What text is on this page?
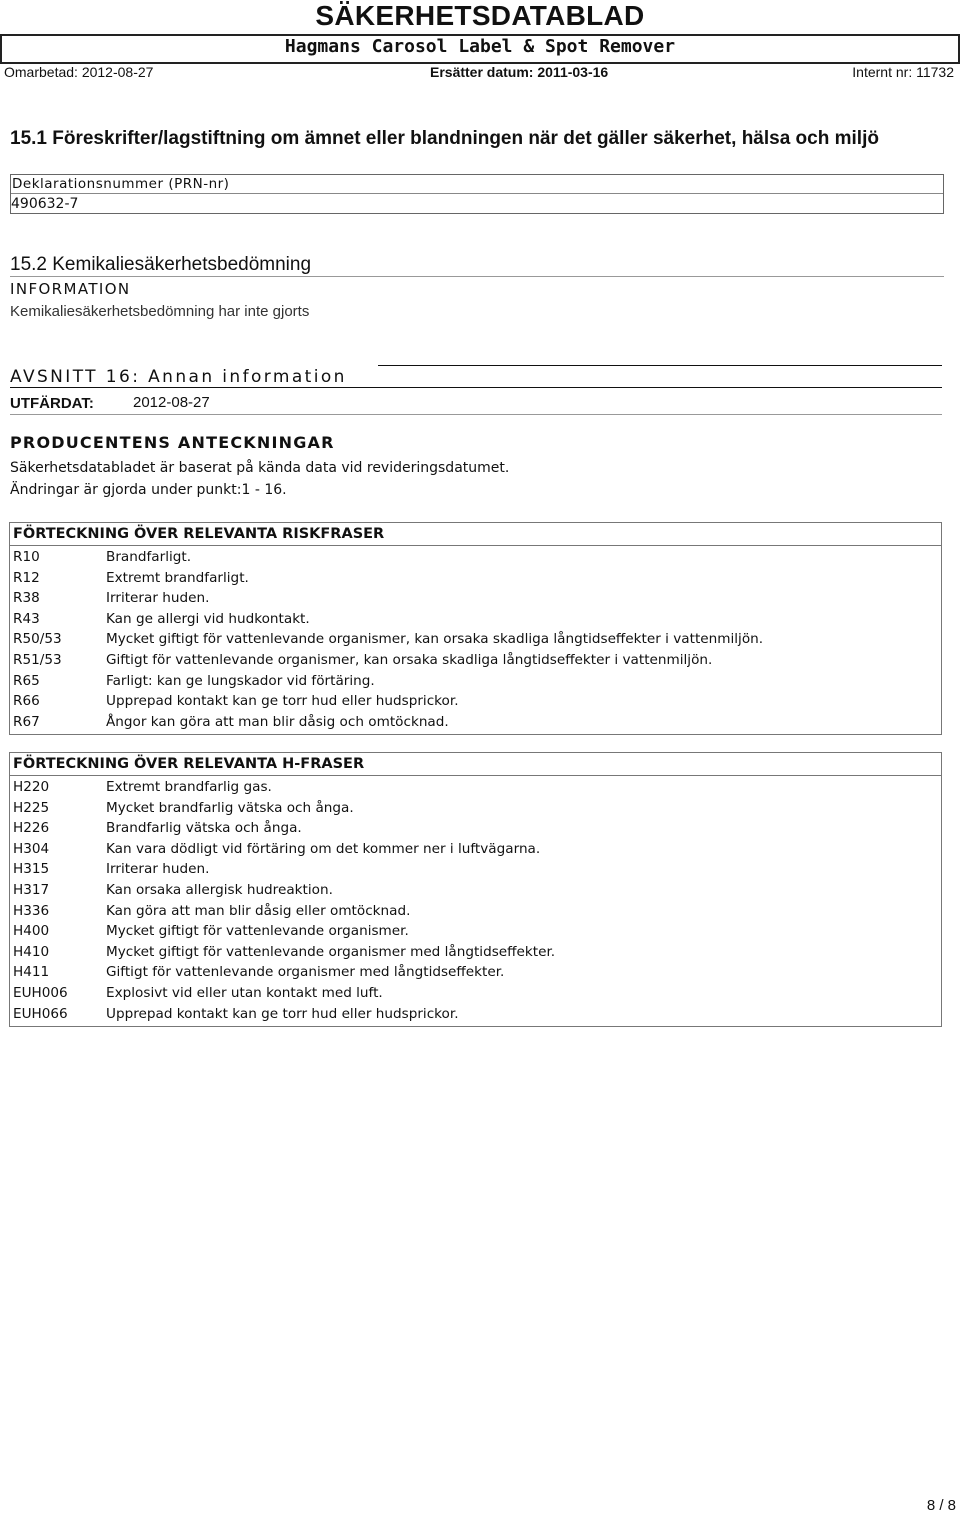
SÄKERHETSDATABLAD
Hagmans Carosol Label & Spot Remover
Omarbetad: 2012-08-27	Ersätter datum: 2011-03-16	Internt nr: 11732
15.1 Föreskrifter/lagstiftning om ämnet eller blandningen när det gäller säkerhet, hälsa och miljö
Deklarationsnummer (PRN-nr)
490632-7
15.2 Kemikaliesäkerhetsbedömning
INFORMATION
Kemikaliesäkerhetsbedömning har inte gjorts
AVSNITT 16: Annan information
UTFÄRDAT:	2012-08-27
PRODUCENTENS ANTECKNINGAR
Säkerhetsdatabladet är baserat på kända data vid revideringsdatumet.
Ändringar är gjorda under punkt:1 - 16.
FÖRTECKNING ÖVER RELEVANTA RISKFRASER
R10	Brandfarligt.
R12	Extremt brandfarligt.
R38	Irriterar huden.
R43	Kan ge allergi vid hudkontakt.
R50/53	Mycket giftigt för vattenlevande organismer, kan orsaka skadliga långtidseffekter i vattenmiljön.
R51/53	Giftigt för vattenlevande organismer, kan orsaka skadliga långtidseffekter i vattenmiljön.
R65	Farligt: kan ge lungskador vid förtäring.
R66	Upprepad kontakt kan ge torr hud eller hudsprickor.
R67	Ångor kan göra att man blir dåsig och omtöcknad.
FÖRTECKNING ÖVER RELEVANTA H-FRASER
H220	Extremt brandfarlig gas.
H225	Mycket brandfarlig vätska och ånga.
H226	Brandfarlig vätska och ånga.
H304	Kan vara dödligt vid förtäring om det kommer ner i luftvägarna.
H315	Irriterar huden.
H317	Kan orsaka allergisk hudreaktion.
H336	Kan göra att man blir dåsig eller omtöcknad.
H400	Mycket giftigt för vattenlevande organismer.
H410	Mycket giftigt för vattenlevande organismer med långtidseffekter.
H411	Giftigt för vattenlevande organismer med långtidseffekter.
EUH006	Explosivt vid eller utan kontakt med luft.
EUH066	Upprepad kontakt kan ge torr hud eller hudsprickor.
8 / 8
